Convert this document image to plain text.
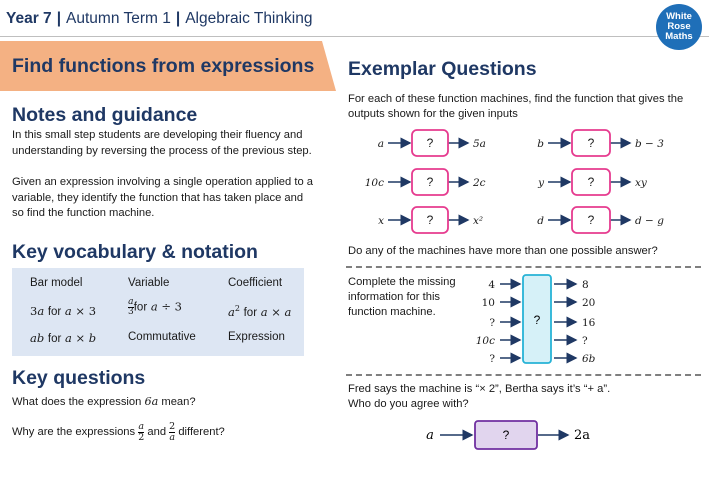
Year 7 | Autumn Term 1 | Algebraic Thinking	White
Rose
Maths
Find functions from expressions
Notes and guidance
In this small step students are developing their fluency and understanding by reversing the process of the previous step.
Given an expression involving a single operation applied to a variable, they identify the function that has taken place and so find the function machine.
Key vocabulary & notation
Bar model	Variable	Coefficient
3a for a × 3	$\frac{a}{3}$ for a ÷ 3	$a^2$ for a × a
ab for a × b	Commutative	Expression
Key questions
What does the expression 6a mean?
Why are the expressions
a

2
and
2

a
different?
Exemplar Questions
For each of these function machines, find the function that gives the outputs shown for the given inputs
?
?
?
?
?
?
a	5a
10c	2c
x	x²
b	b − 3
y	xy
d	d − g
Do any of the machines have more than one possible answer?
Complete the missing information for this function machine.
?
4
10
?
10c
?
8
20
16
?
6b
Fred says the machine is “× 2”, Bertha says it’s “+ a”.
Who do you agree with?
?
a	2a
